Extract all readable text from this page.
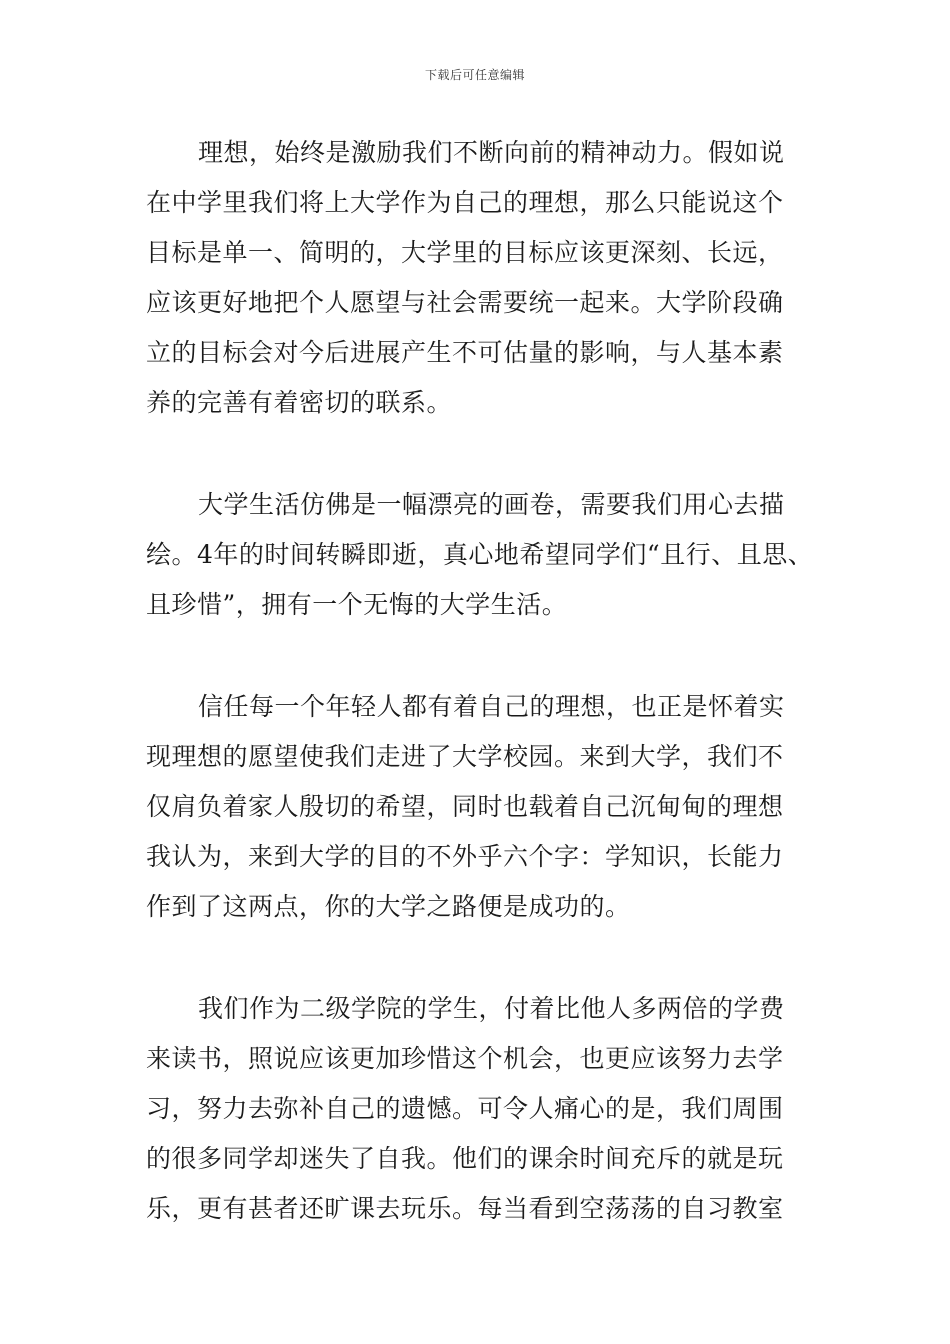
下载后可任意编辑
理想，始终是激励我们不断向前的精神动力。假如说
在中学里我们将上大学作为自己的理想，那么只能说这个
目标是单一、简明的，大学里的目标应该更深刻、长远，
应该更好地把个人愿望与社会需要统一起来。大学阶段确
立的目标会对今后进展产生不可估量的影响，与人基本素
养的完善有着密切的联系。
大学生活仿佛是一幅漂亮的画卷，需要我们用心去描
绘。4年的时间转瞬即逝，真心地希望同学们“且行、且思、
且珍惜”，拥有一个无悔的大学生活。
信任每一个年轻人都有着自己的理想，也正是怀着实
现理想的愿望使我们走进了大学校园。来到大学，我们不
仅肩负着家人殷切的希望，同时也载着自己沉甸甸的理想
我认为，来到大学的目的不外乎六个字：学知识，长能力
作到了这两点，你的大学之路便是成功的。
我们作为二级学院的学生，付着比他人多两倍的学费
来读书，照说应该更加珍惜这个机会，也更应该努力去学
习，努力去弥补自己的遗憾。可令人痛心的是，我们周围
的很多同学却迷失了自我。他们的课余时间充斥的就是玩
乐，更有甚者还旷课去玩乐。每当看到空荡荡的自习教室
